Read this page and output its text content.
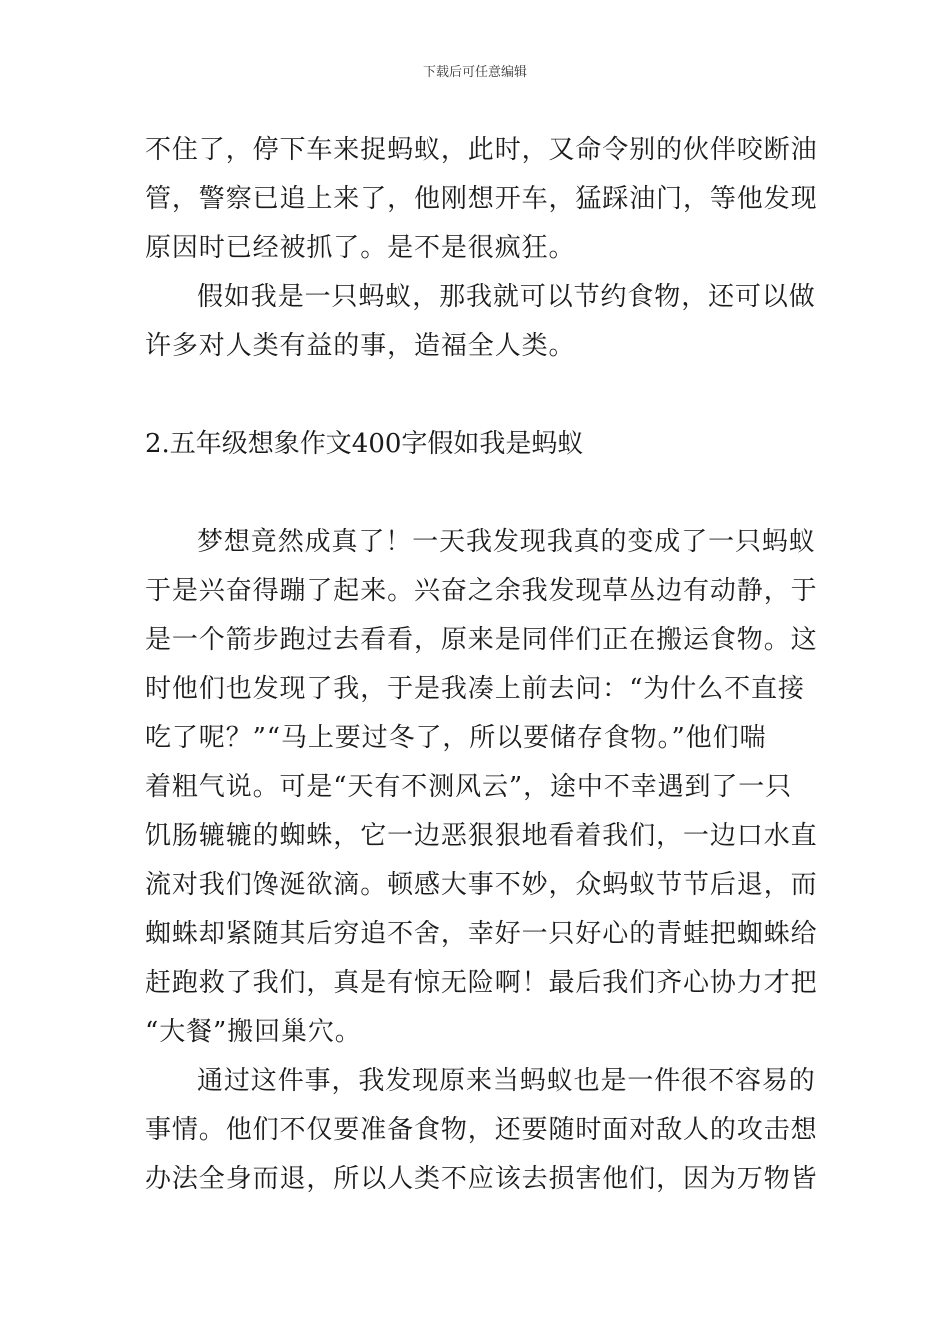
下载后可任意编辑
不住了，停下车来捉蚂蚁，此时，又命令别的伙伴咬断油
管，警察已追上来了，他刚想开车，猛踩油门，等他发现
原因时已经被抓了。是不是很疯狂。
假如我是一只蚂蚁，那我就可以节约食物，还可以做
许多对人类有益的事，造福全人类。
2.五年级想象作文400字假如我是蚂蚁
梦想竟然成真了！一天我发现我真的变成了一只蚂蚁
于是兴奋得蹦了起来。兴奋之余我发现草丛边有动静，于
是一个箭步跑过去看看，原来是同伴们正在搬运食物。这
时他们也发现了我，于是我凑上前去问：“为什么不直接
吃了呢？”“马上要过冬了，所以要储存食物。”他们喘
着粗气说。可是“天有不测风云”，途中不幸遇到了一只
饥肠辘辘的蜘蛛，它一边恶狠狠地看着我们，一边口水直
流对我们馋涎欲滴。顿感大事不妙，众蚂蚁节节后退，而
蜘蛛却紧随其后穷追不舍，幸好一只好心的青蛙把蜘蛛给
赶跑救了我们，真是有惊无险啊！最后我们齐心协力才把
“大餐”搬回巢穴。
通过这件事，我发现原来当蚂蚁也是一件很不容易的
事情。他们不仅要准备食物，还要随时面对敌人的攻击想
办法全身而退，所以人类不应该去损害他们，因为万物皆
